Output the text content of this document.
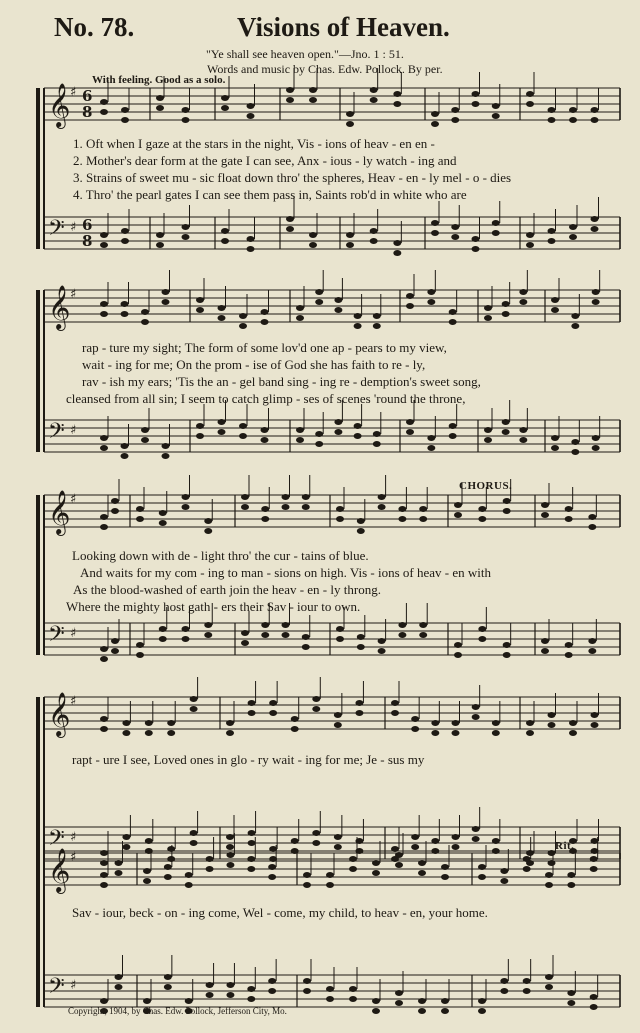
No. 78.	Visions of Heaven.
"Ye shall see heaven open."—Jno. 1 : 51.
Words and music by Chas. Edw. Pollock. By per.
With feeling. Good as a solo.
𝄞 ♯
𝄢 ♯
𝄞 ♯
𝄢 ♯
𝄞 ♯
𝄢 ♯
𝄞 ♯
𝄢 ♯
𝄞 ♯
𝄢 ♯
6
8
6
8
1. Oft when I gaze at the stars in the night, Vis - ions of heav - en en -
2. Mother's dear form at the gate I can see, Anx - ious - ly watch - ing and
3. Strains of sweet mu - sic float down thro' the spheres, Heav - en - ly mel - o - dies
4. Thro' the pearl gates I can see them pass in, Saints rob'd in white who are
rap - ture my sight; The form of some lov'd one ap - pears to my view,
wait - ing for me; On the prom - ise of God she has faith to re - ly,
rav - ish my ears; 'Tis the an - gel band sing - ing re - demption's sweet song,
cleansed from all sin; I seem to catch glimp - ses of scenes 'round the throne,
Looking down with de - light thro' the cur - tains of blue.
And waits for my com - ing to man - sions on high. Vis - ions of heav - en with
As the blood-washed of earth join the heav - en - ly throng.
Where the mighty host gath - ers their Sav - iour to own.
rapt - ure I see, Loved ones in glo - ry wait - ing for me; Je - sus my
Sav - iour, beck - on - ing come, Wel - come, my child, to heav - en, your home.
CHORUS.
Rit.
Copyright, 1904, by Chas. Edw. Pollock, Jefferson City, Mo.
